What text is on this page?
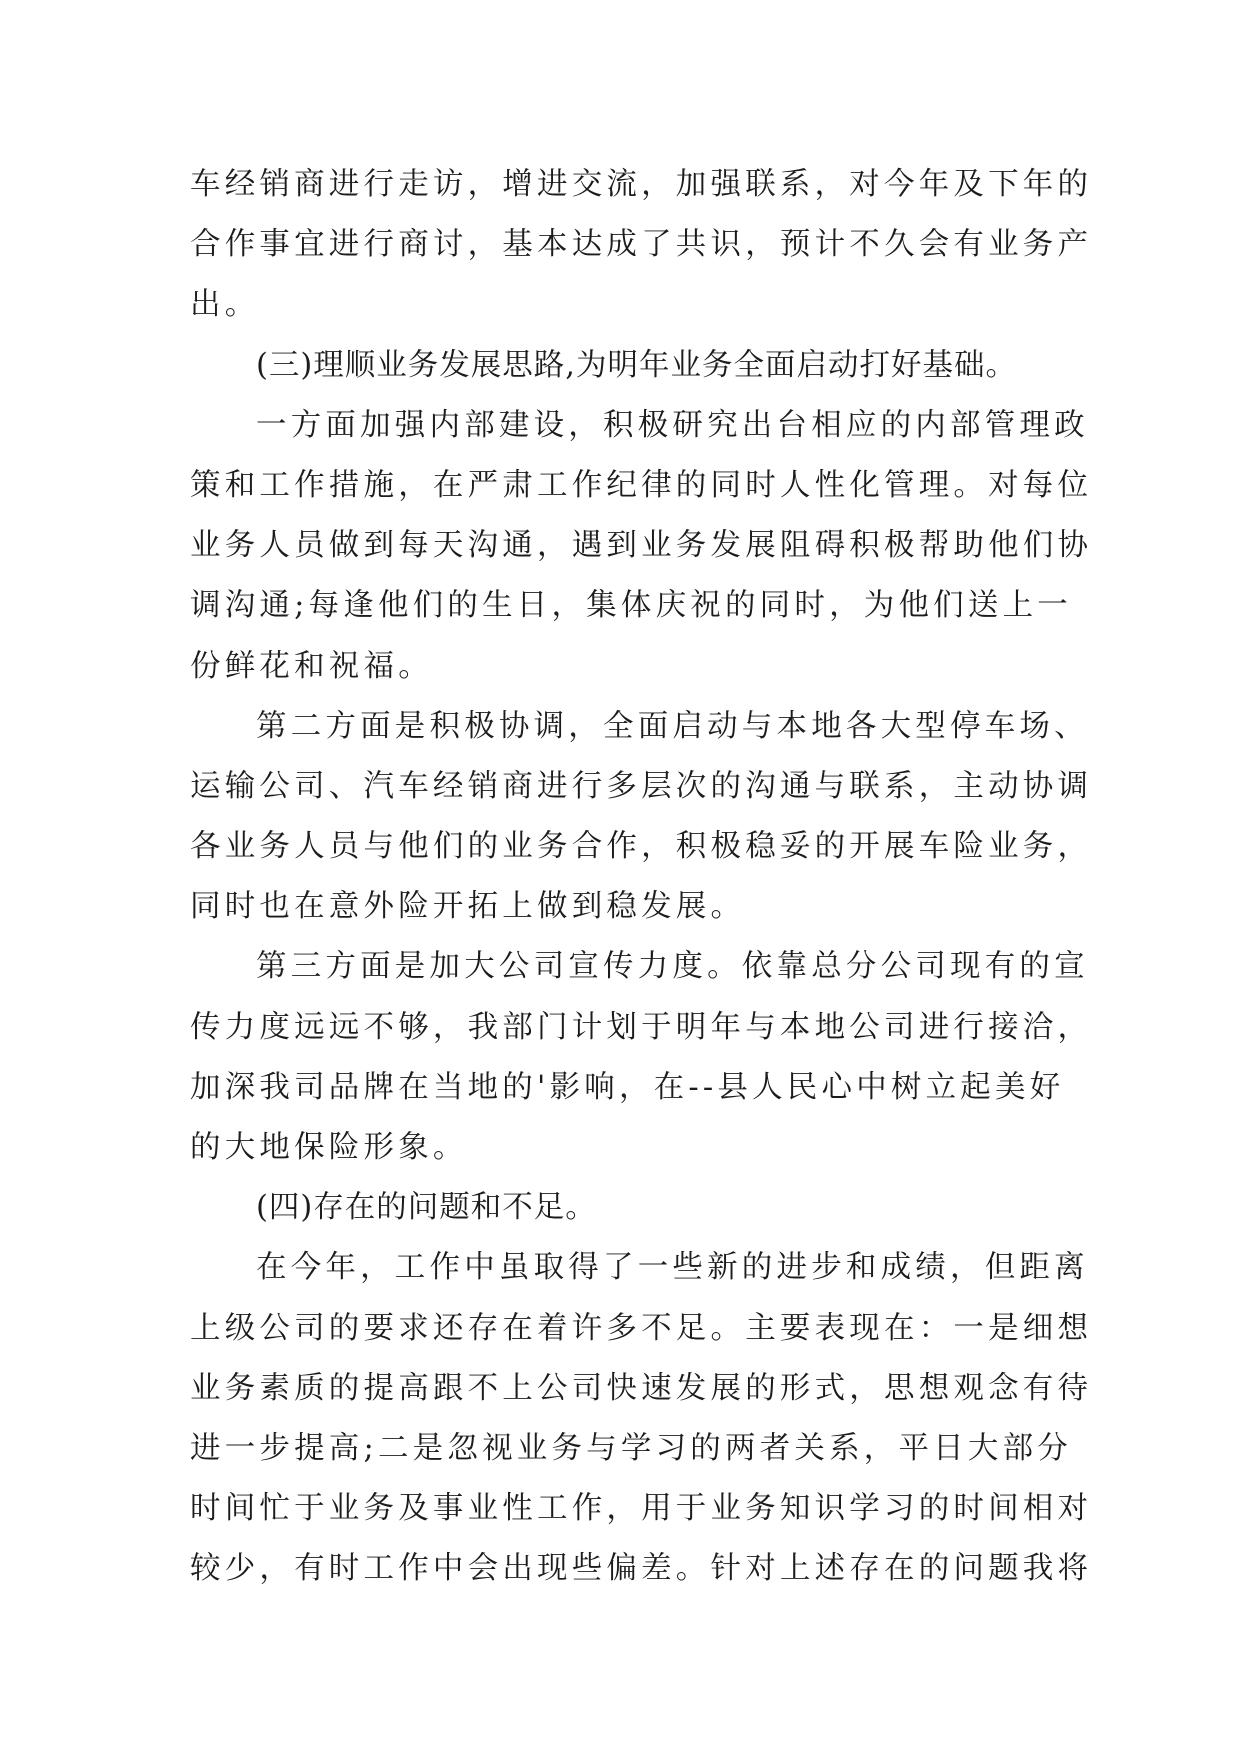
车经销商进行走访，增进交流，加强联系，对今年及下年的
合作事宜进行商讨，基本达成了共识，预计不久会有业务产
出。
(三)理顺业务发展思路,为明年业务全面启动打好基础。
一方面加强内部建设，积极研究出台相应的内部管理政
策和工作措施，在严肃工作纪律的同时人性化管理。对每位
业务人员做到每天沟通，遇到业务发展阻碍积极帮助他们协
调沟通;每逢他们的生日，集体庆祝的同时，为他们送上一
份鲜花和祝福。
第二方面是积极协调，全面启动与本地各大型停车场、
运输公司、汽车经销商进行多层次的沟通与联系，主动协调
各业务人员与他们的业务合作，积极稳妥的开展车险业务，
同时也在意外险开拓上做到稳发展。
第三方面是加大公司宣传力度。依靠总分公司现有的宣
传力度远远不够，我部门计划于明年与本地公司进行接洽，
加深我司品牌在当地的'影响，在--县人民心中树立起美好
的大地保险形象。
(四)存在的问题和不足。
在今年，工作中虽取得了一些新的进步和成绩，但距离
上级公司的要求还存在着许多不足。主要表现在：一是细想
业务素质的提高跟不上公司快速发展的形式，思想观念有待
进一步提高;二是忽视业务与学习的两者关系，平日大部分
时间忙于业务及事业性工作，用于业务知识学习的时间相对
较少，有时工作中会出现些偏差。针对上述存在的问题我将
